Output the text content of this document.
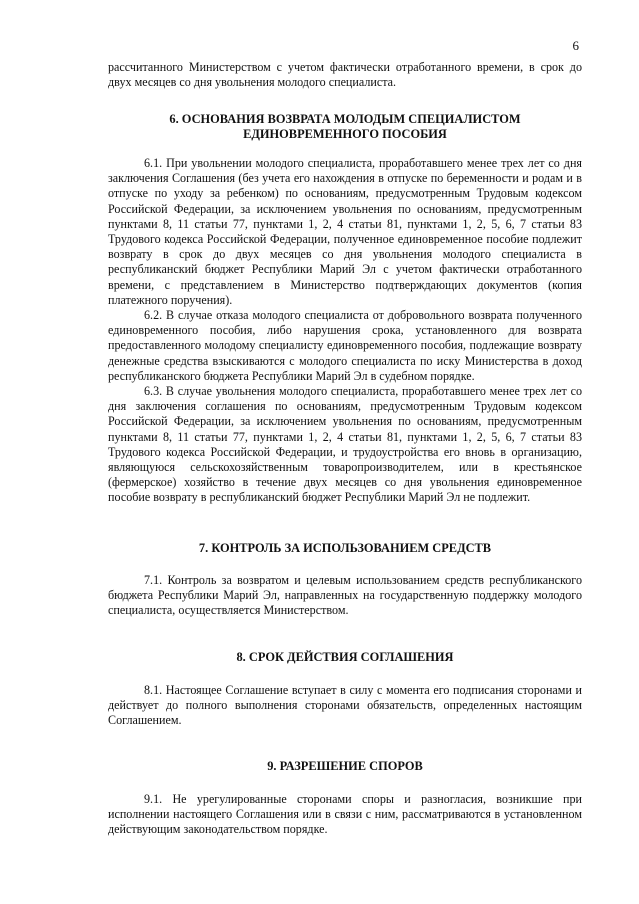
6

рассчитанного Министерством с учетом фактически отработанного времени, в срок до двух месяцев со дня увольнения молодого специалиста.

6. ОСНОВАНИЯ ВОЗВРАТА МОЛОДЫМ СПЕЦИАЛИСТОМ
ЕДИНОВРЕМЕННОГО ПОСОБИЯ

6.1. При увольнении молодого специалиста, проработавшего менее трех лет со дня заключения Соглашения (без учета его нахождения в отпуске по беременности и родам и в отпуске по уходу за ребенком) по основаниям, предусмотренным Трудовым кодексом Российской Федерации, за исключением увольнения по основаниям, предусмотренным пунктами 8, 11 статьи 77, пунктами 1, 2, 4 статьи 81, пунктами 1, 2, 5, 6, 7 статьи 83 Трудового кодекса Российской Федерации, полученное единовременное пособие подлежит возврату в срок до двух месяцев со дня увольнения молодого специалиста в республиканский бюджет Республики Марий Эл с учетом фактически отработанного времени, с представлением в Министерство подтверждающих документов (копия платежного поручения).

6.2. В случае отказа молодого специалиста от добровольного возврата полученного единовременного пособия, либо нарушения срока, установленного для возврата предоставленного молодому специалисту единовременного пособия, подлежащие возврату денежные средства взыскиваются с молодого специалиста по иску Министерства в доход республиканского бюджета Республики Марий Эл в судебном порядке.

6.3. В случае увольнения молодого специалиста, проработавшего менее трех лет со дня заключения соглашения по основаниям, предусмотренным Трудовым кодексом Российской Федерации, за исключением увольнения по основаниям, предусмотренным пунктами 8, 11 статьи 77, пунктами 1, 2, 4 статьи 81, пунктами 1, 2, 5, 6, 7 статьи 83 Трудового кодекса Российской Федерации, и трудоустройства его вновь в организацию, являющуюся сельскохозяйственным товаропроизводителем, или в крестьянское (фермерское) хозяйство в течение двух месяцев со дня увольнения единовременное пособие возврату в республиканский бюджет Республики Марий Эл не подлежит.

7. КОНТРОЛЬ ЗА ИСПОЛЬЗОВАНИЕМ СРЕДСТВ

7.1. Контроль за возвратом и целевым использованием средств республиканского бюджета Республики Марий Эл, направленных на государственную поддержку молодого специалиста, осуществляется Министерством.

8. СРОК ДЕЙСТВИЯ СОГЛАШЕНИЯ

8.1. Настоящее Соглашение вступает в силу с момента его подписания сторонами и действует до полного выполнения сторонами обязательств, определенных настоящим Соглашением.

9. РАЗРЕШЕНИЕ СПОРОВ

9.1. Не урегулированные сторонами споры и разногласия, возникшие при исполнении настоящего Соглашения или в связи с ним, рассматриваются в установленном действующим законодательством порядке.
